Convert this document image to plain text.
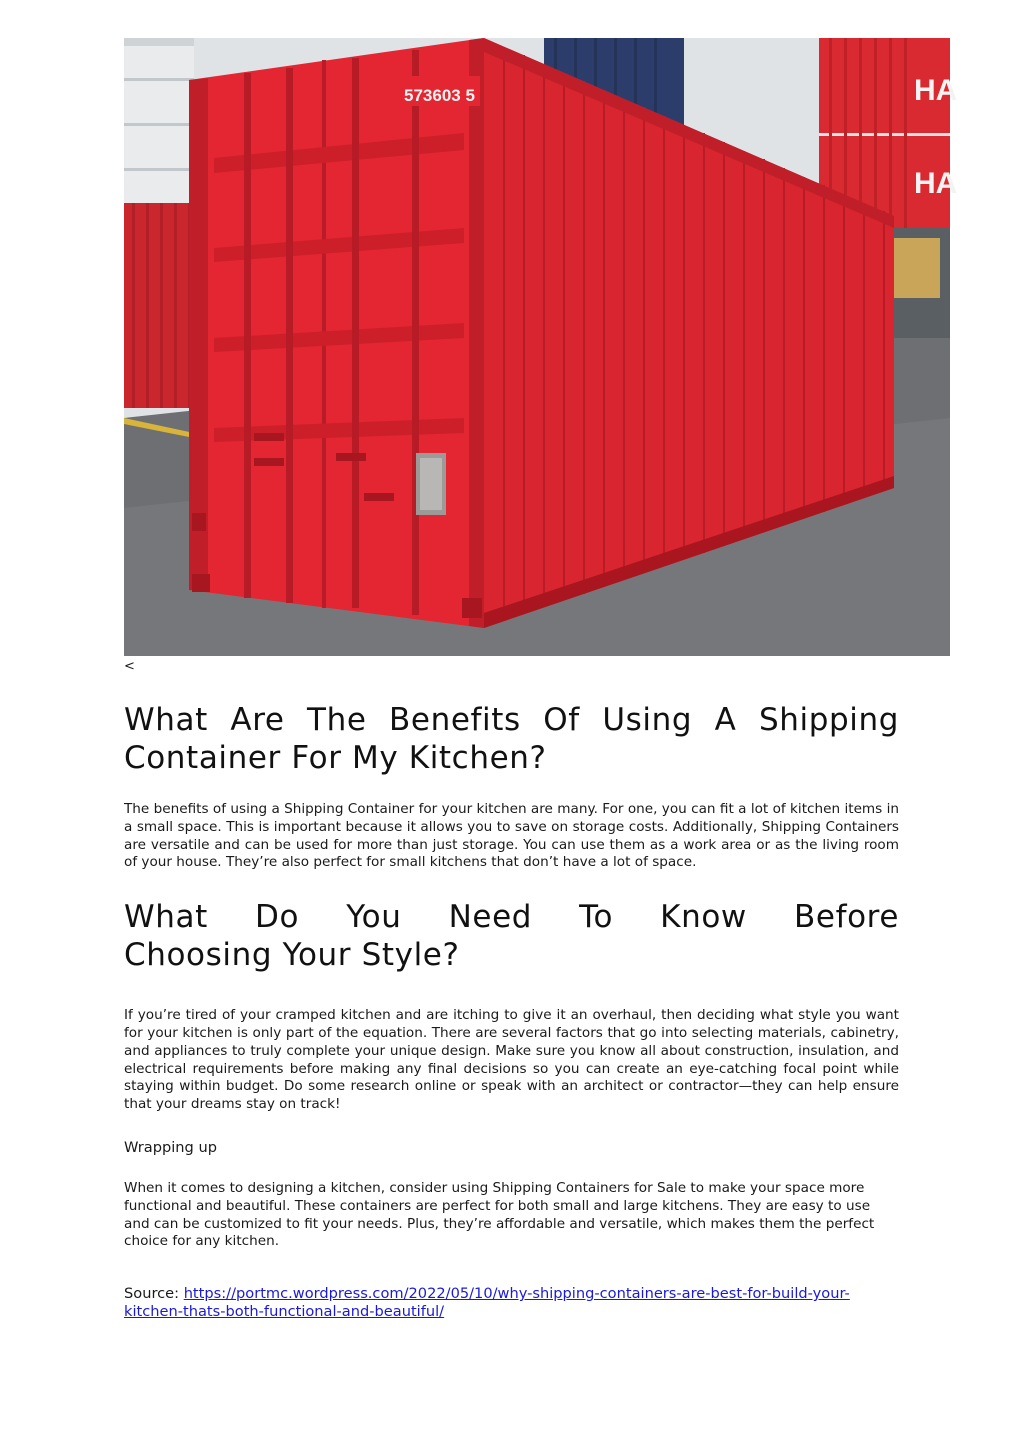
HA
HA
573603 5
<
What Are The Benefits Of Using A Shipping Container For My Kitchen?

The benefits of using a Shipping Container for your kitchen are many. For one, you can fit a lot of kitchen items in a small space. This is important because it allows you to save on storage costs. Additionally, Shipping Containers are versatile and can be used for more than just storage. You can use them as a work area or as the living room of your house. They’re also perfect for small kitchens that don’t have a lot of space.

What Do You Need To Know Before
Choosing Your Style?

If you’re tired of your cramped kitchen and are itching to give it an overhaul, then deciding what style you want for your kitchen is only part of the equation. There are several factors that go into selecting materials, cabinetry, and appliances to truly complete your unique design. Make sure you know all about construction, insulation, and electrical requirements before making any final decisions so you can create an eye-catching focal point while staying within budget. Do some research online or speak with an architect or contractor—they can help ensure that your dreams stay on track!

Wrapping up

When it comes to designing a kitchen, consider using Shipping Containers for Sale to make your space more functional and beautiful. These containers are perfect for both small and large kitchens. They are easy to use and can be customized to fit your needs. Plus, they’re affordable and versatile, which makes them the perfect choice for any kitchen.

Source: https://portmc.wordpress.com/2022/05/10/why-shipping-containers-are-best-for-build-your-kitchen-thats-both-functional-and-beautiful/
